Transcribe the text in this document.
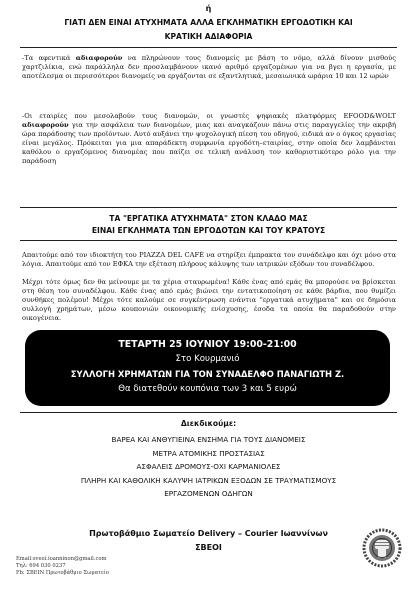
ή
ΓΙΑΤΙ ΔΕΝ ΕΙΝΑΙ ΑΤΥΧΗΜΑΤΑ ΑΛΛΑ ΕΓΚΛΗΜΑΤΙΚΗ ΕΡΓΟΔΟΤΙΚΗ ΚΑΙ
ΚΡΑΤΙΚΗ ΑΔΙΑΦΟΡΙΑ
-Τα αφεντικά αδιαφορούν να πληρώνουν τους διανομείς με βάση το νόμο, αλλά δίνουν μισθούς χαρτζιλίκια, ενώ παράλληλα δεν προσλαμβάνουν ικανό αριθμό εργαζομένων για να βγει η εργασία, με αποτέλεσμα οι περισσότεροι διανομείς να εργάζονται σε εξαντλητικά, μεσαιωνικά ωράρια 10 και 12 ωρών
-Οι εταιρίες που μεσολαβούν τους διανομών, οι γνωστές ψηφιακές πλατφόρμες EFOOD&WOLT αδιαφορούν για την ασφάλεια των διανομέων, μιας και αναγκάζουν πάνω στις παραγγελίες την ακριβή ώρα παράδοσης των προϊόντων. Αυτό αυξάνει την ψυχολογική πίεση του οδηγού, ειδικά αν ο όγκος εργασίας είναι μεγάλος. Πρόκειται για μια απαράδεκτη συμφωνία εργοδότη–εταιρίας, στην οποία δεν λαμβάνεται καθόλου ο εργαζόμενος διανομέας που παίζει σε τελική ανάλυση τον καθοριστικότερο ρόλο για την παράδοση
ΤΑ "ΕΡΓΑΤΙΚΑ ΑΤΥΧΗΜΑΤΑ" ΣΤΟΝ ΚΛΑΔΟ ΜΑΣ
ΕΙΝΑΙ ΕΓΚΛΗΜΑΤΑ ΤΩΝ ΕΡΓΟΔΟΤΩΝ ΚΑΙ ΤΟΥ ΚΡΑΤΟΥΣ
Απαιτούμε από τον ιδιοκτήτη του PIAZZA DEL CAFÉ να στηρίξει έμπρακτα τον συνάδελφο και όχι μόνο στα λόγια. Απαιτούμε από τον ΕΦΚΑ την εξέταση πλήρους κάλυψης των ιατρικών εξόδων του συναδέλφου.
Μέχρι τότε όμως δεν θα μείνουμε με τα χέρια σταυρωμένα! Κάθε ένας από εμάς θα μπορούσε να βρίσκεται στη θέση του συναδέλφου. Κάθε ένας από εμάς βιώνει την εντατικοποίηση σε κάθε βάρδια, που θυμίζει συνθήκες πολέμου! Μέχρι τότε καλούμε σε συγκέντρωση ενάντια "εργατικά ατυχήματα" και σε δημόσια συλλογή χρημάτων, μέσω κουπονιών οικονομικής ενίσχυσης, έσοδα τα οποία θα παραδοθούν στην οικογένεια.
ΤΕΤΑΡΤΗ 25 ΙΟΥΝΙΟΥ 19:00-21:00
Στο Κουρμανιό
ΣΥΛΛΟΓΗ ΧΡΗΜΑΤΩΝ ΓΙΑ ΤΟΝ ΣΥΝΑΔΕΛΦΟ ΠΑΝΑΓΙΩΤΗ Ζ.
Θα διατεθούν κουπόνια των 3 και 5 ευρώ
Διεκδικούμε:
ΒΑΡΕΑ ΚΑΙ ΑΝΘΥΓΙΕΙΝΑ ΕΝΣΗΜΑ ΓΙΑ ΤΟΥΣ ΔΙΑΝΟΜΕΙΣ
ΜΕΤΡΑ ΑΤΟΜΙΚΗΣ ΠΡΟΣΤΑΣΙΑΣ
ΑΣΦΑΛΕΙΣ ΔΡΟΜΟΥΣ-ΟΧΙ ΚΑΡΜΑΝΙΟΛΕΣ
ΠΛΗΡΗ ΚΑΙ ΚΑΘΟΛΙΚΗ ΚΑΛΥΨΗ ΙΑΤΡΙΚΩΝ ΕΞΟΔΩΝ ΣΕ ΤΡΑΥΜΑΤΙΣΜΟΥΣ
ΕΡΓΑΖΟΜΕΝΩΝ ΟΔΗΓΩΝ
Πρωτοβάθμιο Σωματείο Delivery – Courier Ιωαννίνων
ΣΒΕΟΙ
Email:sveoi.ioanninon@gmail.com
Τηλ: 694 030 0237
Fb: ΣΒΕΙΝ Πρωτοβάθμιο Σωματείο
